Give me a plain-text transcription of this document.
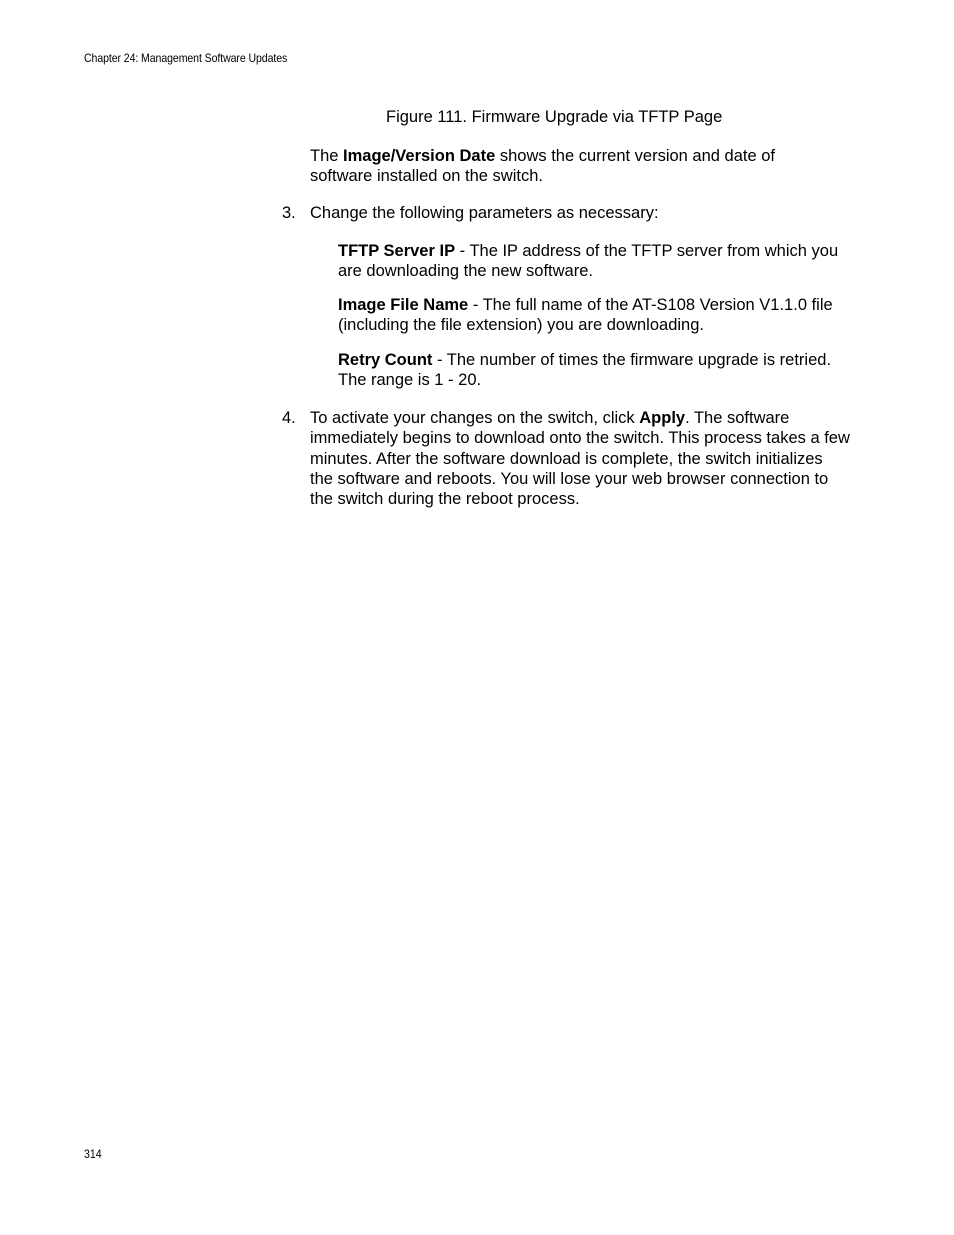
Chapter 24: Management Software Updates
Figure 111. Firmware Upgrade via TFTP Page

The Image/Version Date shows the current version and date of software installed on the switch.

3. Change the following parameters as necessary:

TFTP Server IP - The IP address of the TFTP server from which you are downloading the new software.

Image File Name - The full name of the AT-S108 Version V1.1.0 file (including the file extension) you are downloading.

Retry Count - The number of times the firmware upgrade is retried. The range is 1 - 20.

4. To activate your changes on the switch, click Apply. The software immediately begins to download onto the switch. This process takes a few minutes. After the software download is complete, the switch initializes the software and reboots. You will lose your web browser connection to the switch during the reboot process.

314
